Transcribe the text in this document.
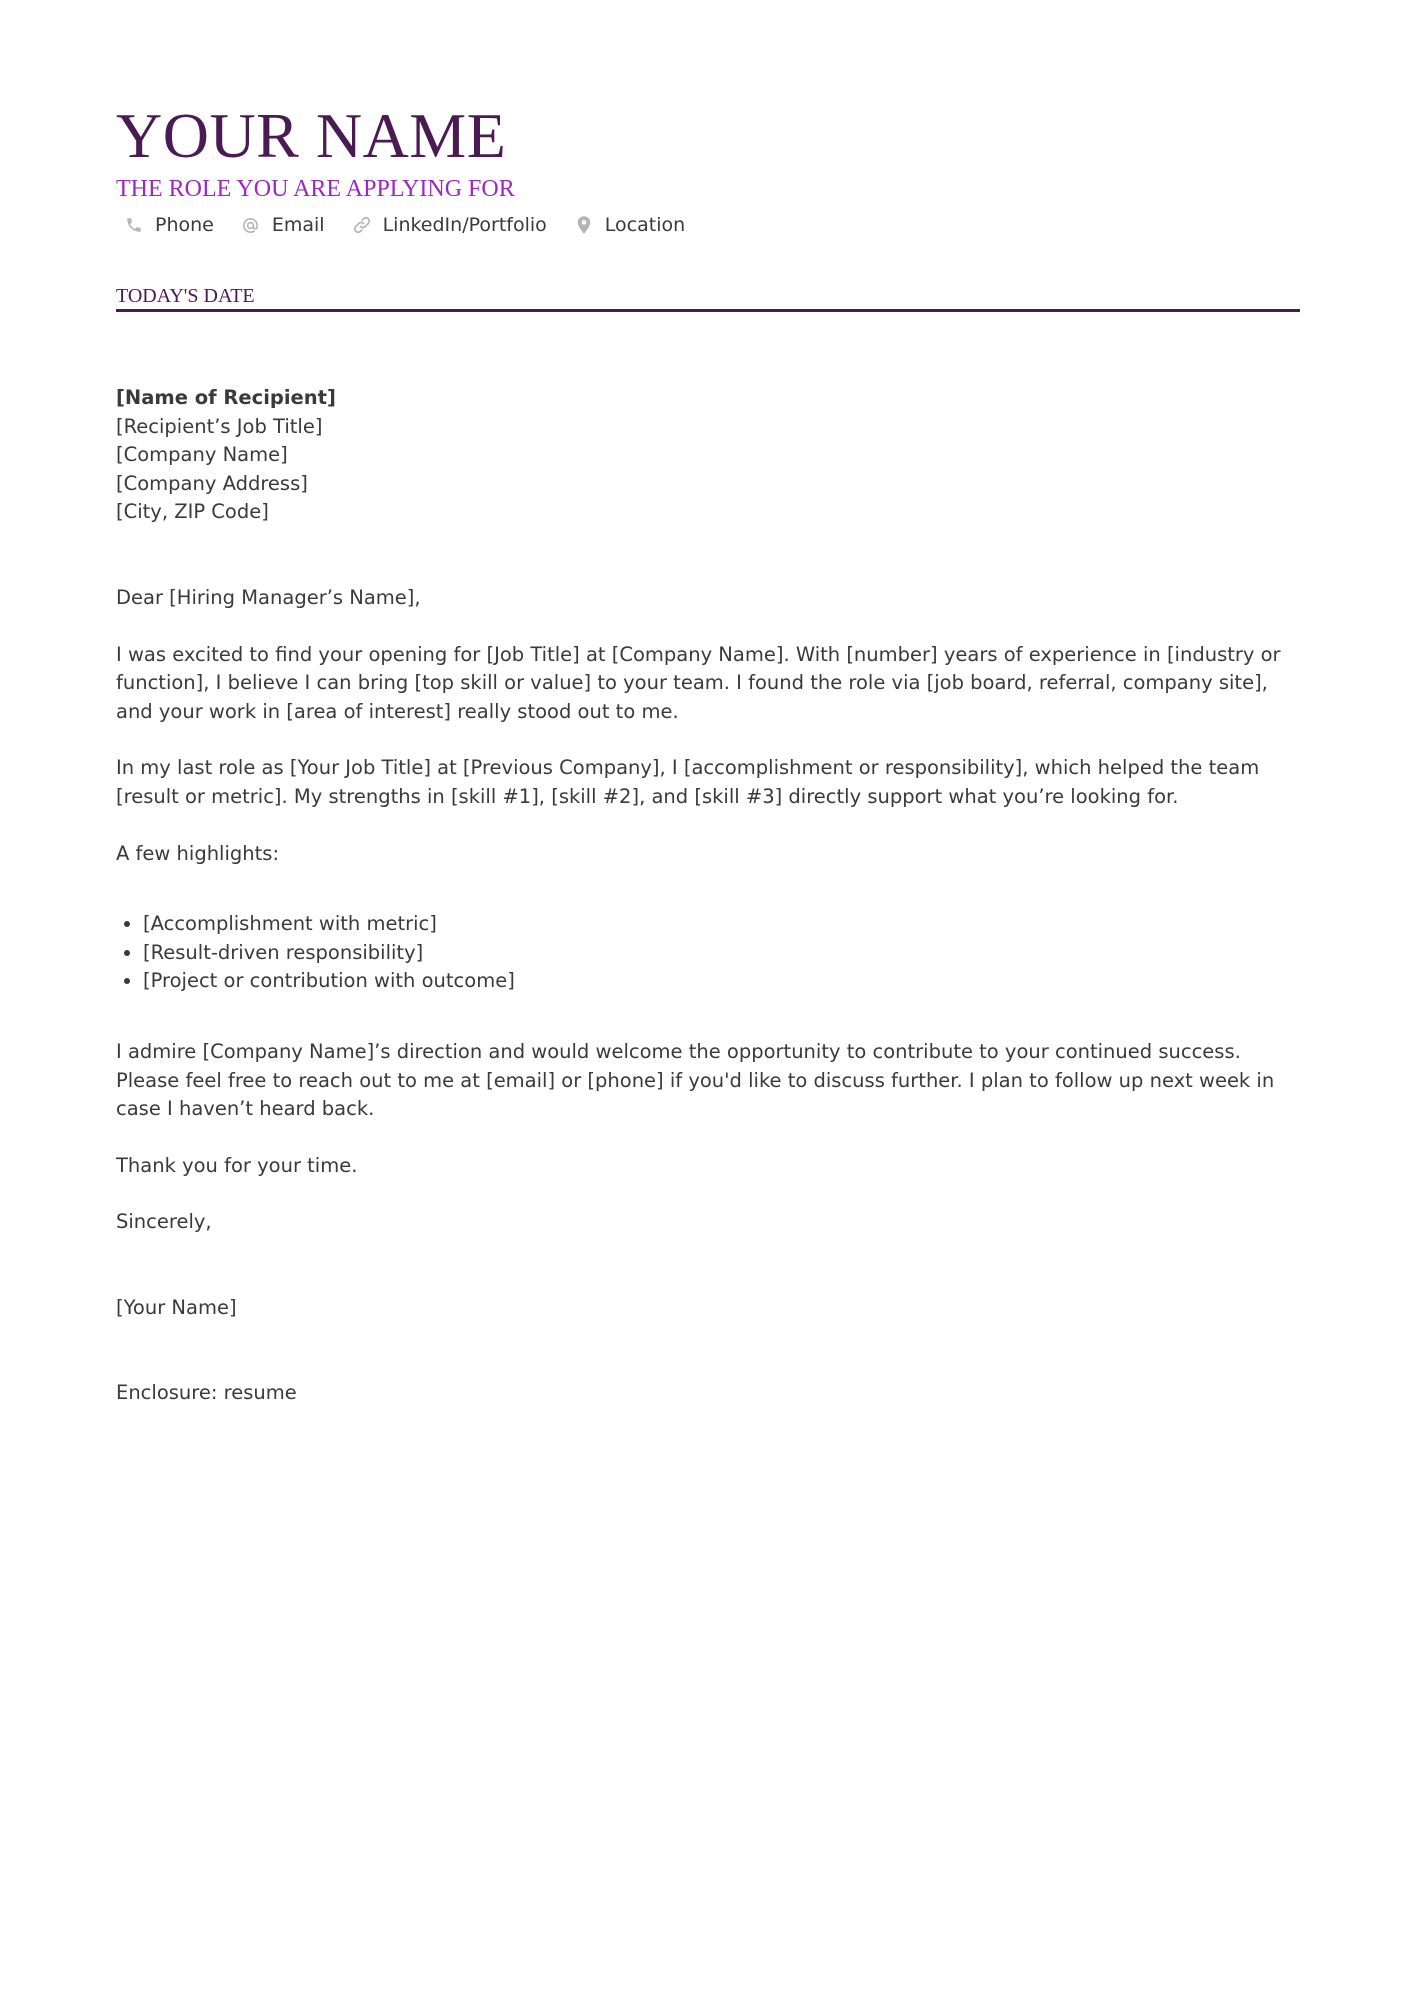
YOUR NAME
THE ROLE YOU ARE APPLYING FOR
Phone	Email	LinkedIn/Portfolio	Location
TODAY'S DATE
[Name of Recipient]
[Recipient’s Job Title]
[Company Name]
[Company Address]
[City, ZIP Code]

Dear [Hiring Manager’s Name],

I was excited to find your opening for [Job Title] at [Company Name]. With [number] years of experience in [industry or function], I believe I can bring [top skill or value] to your team. I found the role via [job board, referral, company site], and your work in [area of interest] really stood out to me.

In my last role as [Your Job Title] at [Previous Company], I [accomplishment or responsibility], which helped the team [result or metric]. My strengths in [skill #1], [skill #2], and [skill #3] directly support what you’re looking for.

A few highlights:

• [Accomplishment with metric]
• [Result-driven responsibility]
• [Project or contribution with outcome]

I admire [Company Name]’s direction and would welcome the opportunity to contribute to your continued success. Please feel free to reach out to me at [email] or [phone] if you'd like to discuss further. I plan to follow up next week in case I haven’t heard back.

Thank you for your time.

Sincerely,

[Your Name]

Enclosure: resume
